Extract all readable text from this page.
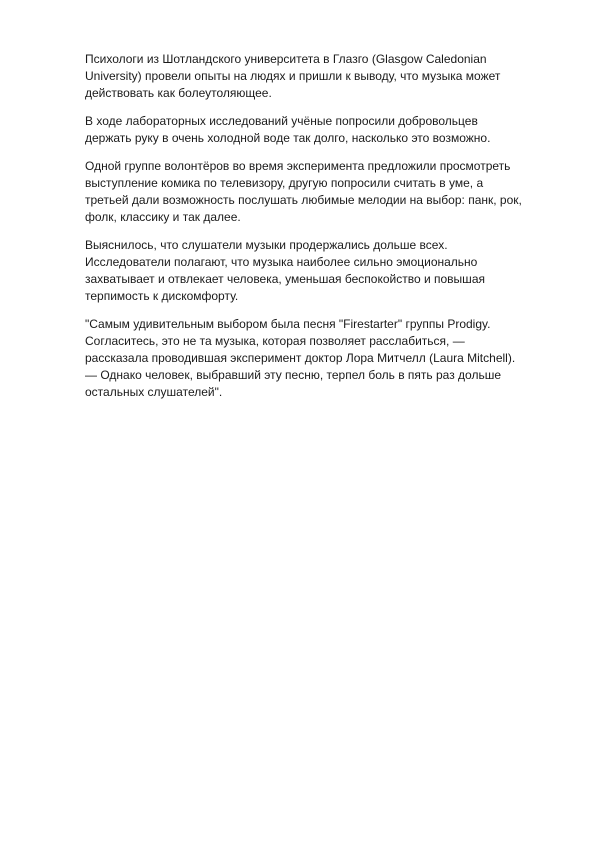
Психологи из Шотландского университета в Глазго (Glasgow Caledonian University) провели опыты на людях и пришли к выводу, что музыка может действовать как болеутоляющее.

В ходе лабораторных исследований учёные попросили добровольцев держать руку в очень холодной воде так долго, насколько это возможно.

Одной группе волонтёров во время эксперимента предложили просмотреть выступление комика по телевизору, другую попросили считать в уме, а третьей дали возможность послушать любимые мелодии на выбор: панк, рок, фолк, классику и так далее.

Выяснилось, что слушатели музыки продержались дольше всех. Исследователи полагают, что музыка наиболее сильно эмоционально захватывает и отвлекает человека, уменьшая беспокойство и повышая терпимость к дискомфорту.

"Самым удивительным выбором была песня "Firestarter" группы Prodigy. Согласитесь, это не та музыка, которая позволяет расслабиться, — рассказала проводившая эксперимент доктор Лора Митчелл (Laura Mitchell). — Однако человек, выбравший эту песню, терпел боль в пять раз дольше остальных слушателей".
